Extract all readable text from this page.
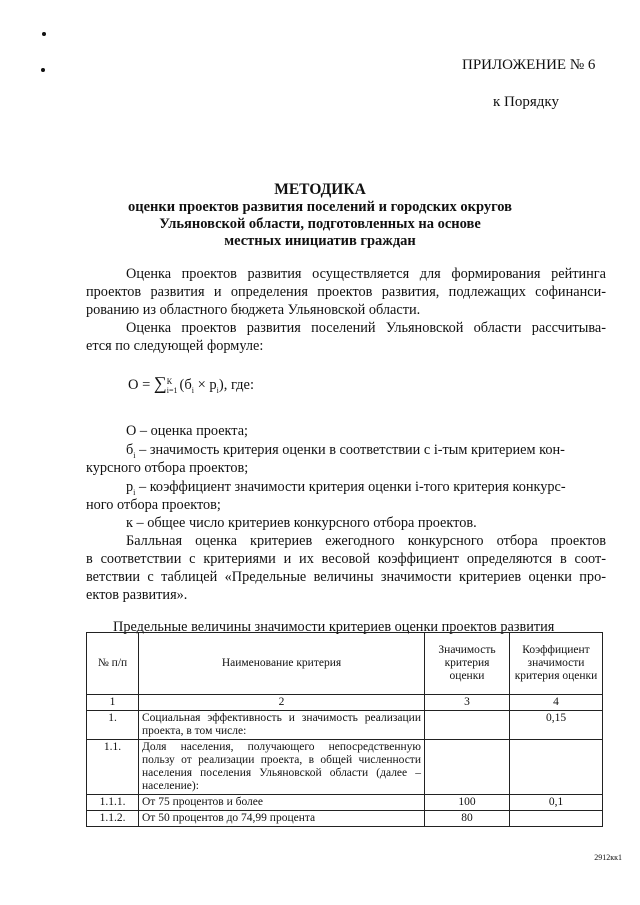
ПРИЛОЖЕНИЕ № 6
к Порядку
МЕТОДИКА
оценки проектов развития поселений и городских округов
Ульяновской области, подготовленных на основе
местных инициатив граждан
Оценка проектов развития осуществляется для формирования рейтинга
проектов развития и определения проектов развития, подлежащих софинанси-
рованию из областного бюджета Ульяновской области.
Оценка проектов развития поселений Ульяновской области рассчитыва-
ется по следующей формуле:
О = ∑К
i=1 $(б_i \times р_i)$, где:
О – оценка проекта;
$б_i$ – значимость критерия оценки в соответствии с i-тым критерием кон-
курсного отбора проектов;
$р_i$ – коэффициент значимости критерия оценки i-того критерия конкурс-
ного отбора проектов;
к – общее число критериев конкурсного отбора проектов.
Балльная оценка критериев ежегодного конкурсного отбора проектов
в соответствии с критериями и их весовой коэффициент определяются в соот-
ветствии с таблицей «Предельные величины значимости критериев оценки про-
ектов развития».
Предельные величины значимости критериев оценки проектов развития
№ п/п	Наименование критерия	Значимость критерия оценки	Коэффициент значимости критерия оценки
1	2	3	4
1.	Социальная эффективность и значимость реализации проекта, в том числе:		0,15
1.1.	Доля населения, получающего непосредственную пользу от реализации проекта, в общей численности населения поселения Ульяновской области (далее – население):		
1.1.1.	От 75 процентов и более	100	0,1
1.1.2.	От 50 процентов до 74,99 процента	80	
2912кк1
